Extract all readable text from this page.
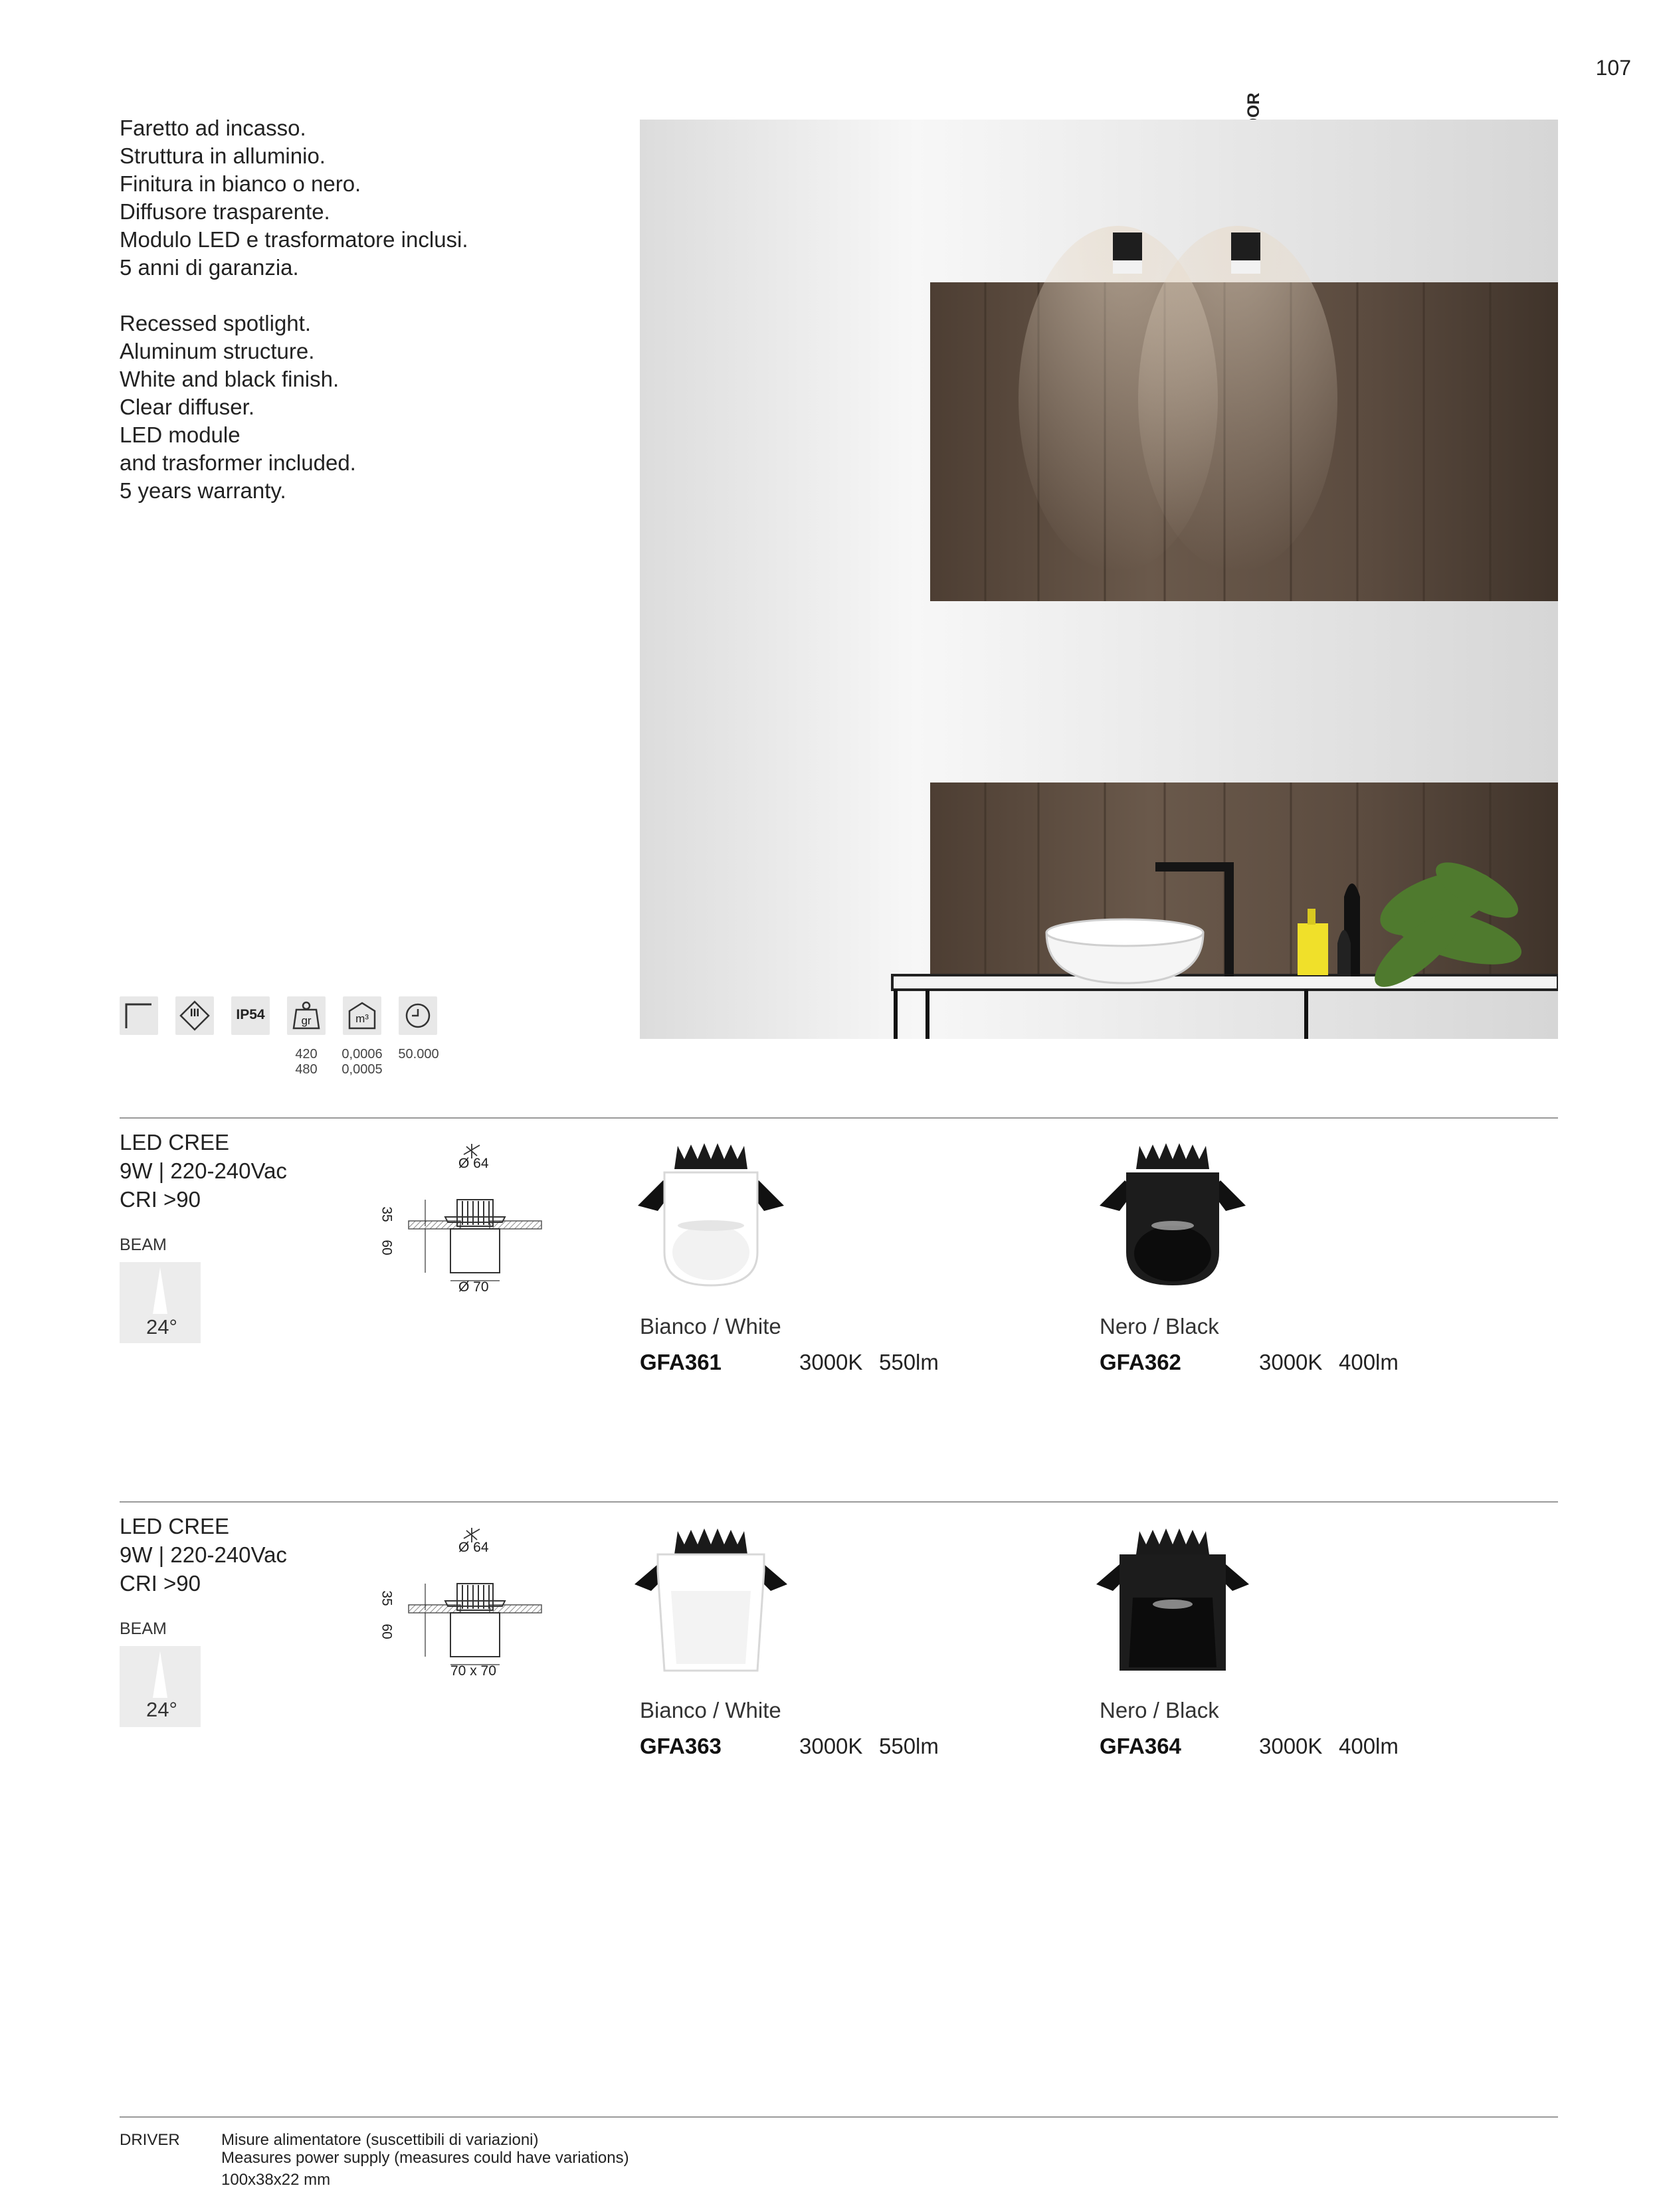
107

Faretto ad incasso.

Struttura in alluminio.

Finitura in bianco o nero.

Diffusore trasparente.

Modulo LED e trasformatore inclusi.

5 anni di garanzia.

Recessed spotlight.

Aluminum structure.

White and black finish.

Clear diffuser.

LED module

and trasformer included.

5 years warranty.

III	IP54	gr	m³
420
480
0,0006
0,0005
50.000

LED CREE

9W | 220-240Vac

CRI >90

BEAM
24°
Ø 64
Ø 70
35
60
Bianco / White
GFA361	3000K 550lm
Nero / Black
GFA362	3000K 400lm

LED CREE

9W | 220-240Vac

CRI >90

BEAM
24°
Ø 64
70 x 70
35
60
Bianco / White
GFA363	3000K 550lm
Nero / Black
GFA364	3000K 400lm
DRIVER	Misure alimentatore (suscettibili di variazioni)

Measures power supply (measures could have variations)

100x38x22 mm
